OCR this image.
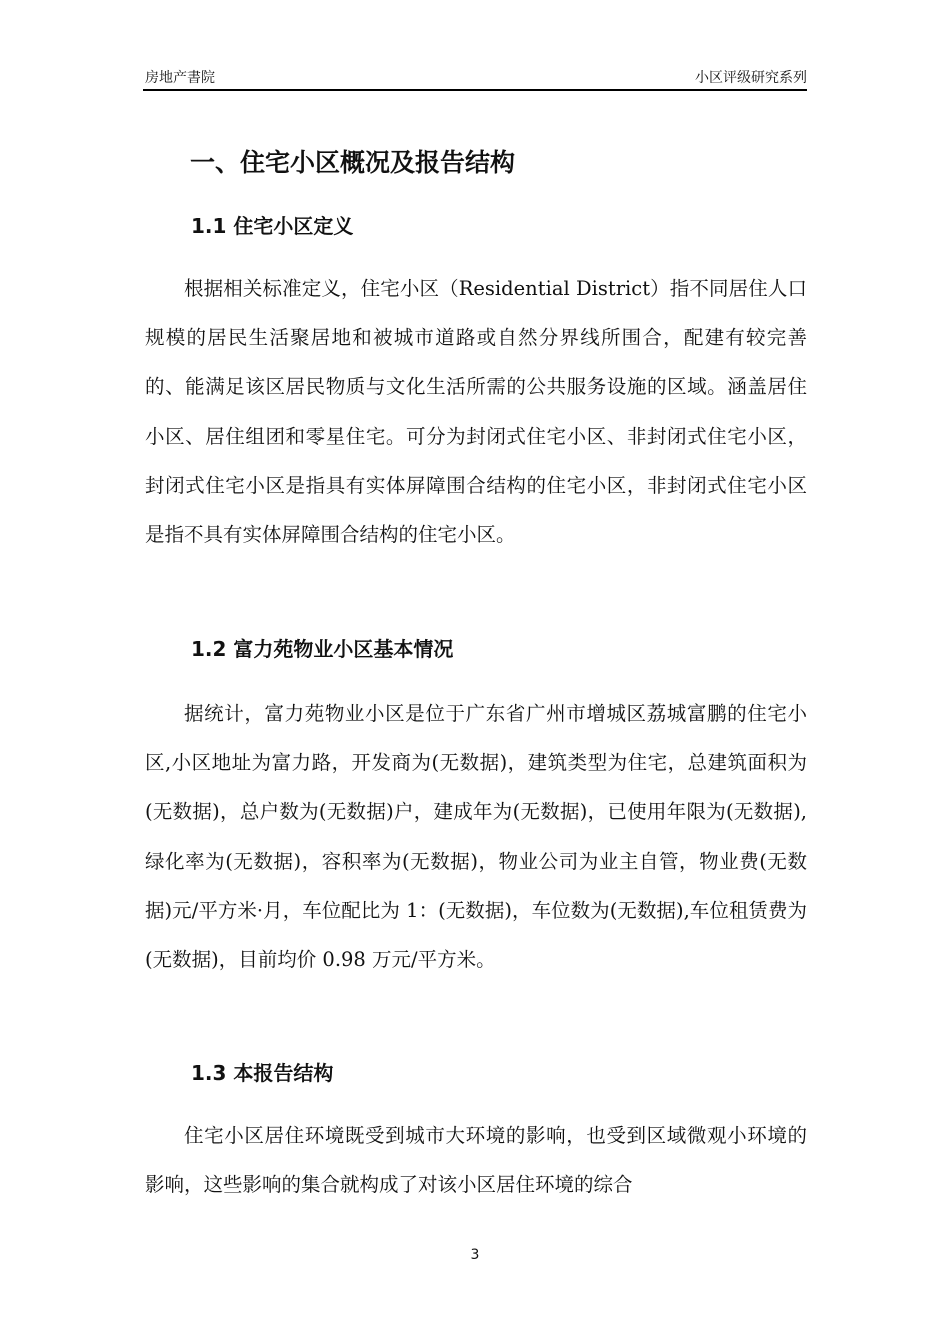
房地产書院	小区评级研究系列
一、住宅小区概况及报告结构
1.1 住宅小区定义

根据相关标准定义，住宅小区（Residential District）指不同居住人口规模的居民生活聚居地和被城市道路或自然分界线所围合，配建有较完善的、能满足该区居民物质与文化生活所需的公共服务设施的区域。涵盖居住小区、居住组团和零星住宅。可分为封闭式住宅小区、非封闭式住宅小区，封闭式住宅小区是指具有实体屏障围合结构的住宅小区，非封闭式住宅小区是指不具有实体屏障围合结构的住宅小区。

1.2 富力苑物业小区基本情况

据统计，富力苑物业小区是位于广东省广州市增城区荔城富鹏的住宅小区,小区地址为富力路，开发商为(无数据)，建筑类型为住宅，总建筑面积为(无数据)，总户数为(无数据)户，建成年为(无数据)，已使用年限为(无数据),绿化率为(无数据)，容积率为(无数据)，物业公司为业主自管，物业费(无数据)元/平方米·月，车位配比为 1：(无数据)，车位数为(无数据),车位租赁费为(无数据)，目前均价 0.98 万元/平方米。

1.3 本报告结构

住宅小区居住环境既受到城市大环境的影响，也受到区域微观小环境的影响，这些影响的集合就构成了对该小区居住环境的综合

3
